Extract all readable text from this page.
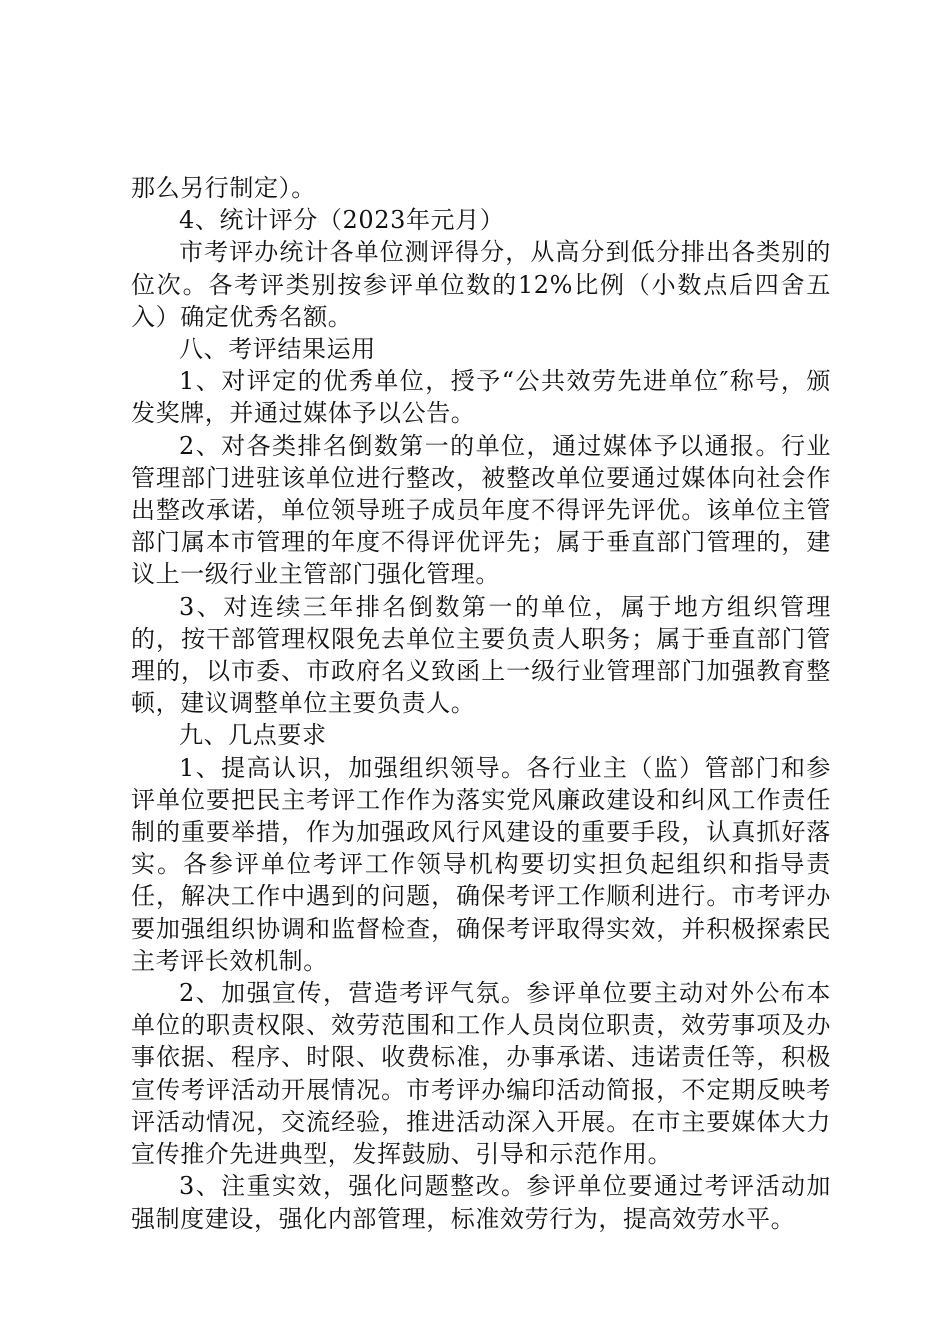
那么另行制定）。

4、统计评分（2023年元月）

市考评办统计各单位测评得分，从高分到低分排出各类别的位次。各考评类别按参评单位数的12%比例（小数点后四舍五入）确定优秀名额。

八、考评结果运用

1、对评定的优秀单位，授予“公共效劳先进单位″称号，颁发奖牌，并通过媒体予以公告。

2、对各类排名倒数第一的单位，通过媒体予以通报。行业管理部门进驻该单位进行整改，被整改单位要通过媒体向社会作出整改承诺，单位领导班子成员年度不得评先评优。该单位主管部门属本市管理的年度不得评优评先；属于垂直部门管理的，建议上一级行业主管部门强化管理。

3、对连续三年排名倒数第一的单位，属于地方组织管理的，按干部管理权限免去单位主要负责人职务；属于垂直部门管理的，以市委、市政府名义致函上一级行业管理部门加强教育整顿，建议调整单位主要负责人。

九、几点要求

1、提高认识，加强组织领导。各行业主（监）管部门和参评单位要把民主考评工作作为落实党风廉政建设和纠风工作责任制的重要举措，作为加强政风行风建设的重要手段，认真抓好落实。各参评单位考评工作领导机构要切实担负起组织和指导责任，解决工作中遇到的问题，确保考评工作顺利进行。市考评办要加强组织协调和监督检查，确保考评取得实效，并积极探索民主考评长效机制。

2、加强宣传，营造考评气氛。参评单位要主动对外公布本单位的职责权限、效劳范围和工作人员岗位职责，效劳事项及办事依据、程序、时限、收费标准，办事承诺、违诺责任等，积极宣传考评活动开展情况。市考评办编印活动简报，不定期反映考评活动情况，交流经验，推进活动深入开展。在市主要媒体大力宣传推介先进典型，发挥鼓励、引导和示范作用。

3、注重实效，强化问题整改。参评单位要通过考评活动加强制度建设，强化内部管理，标准效劳行为，提高效劳水平。
